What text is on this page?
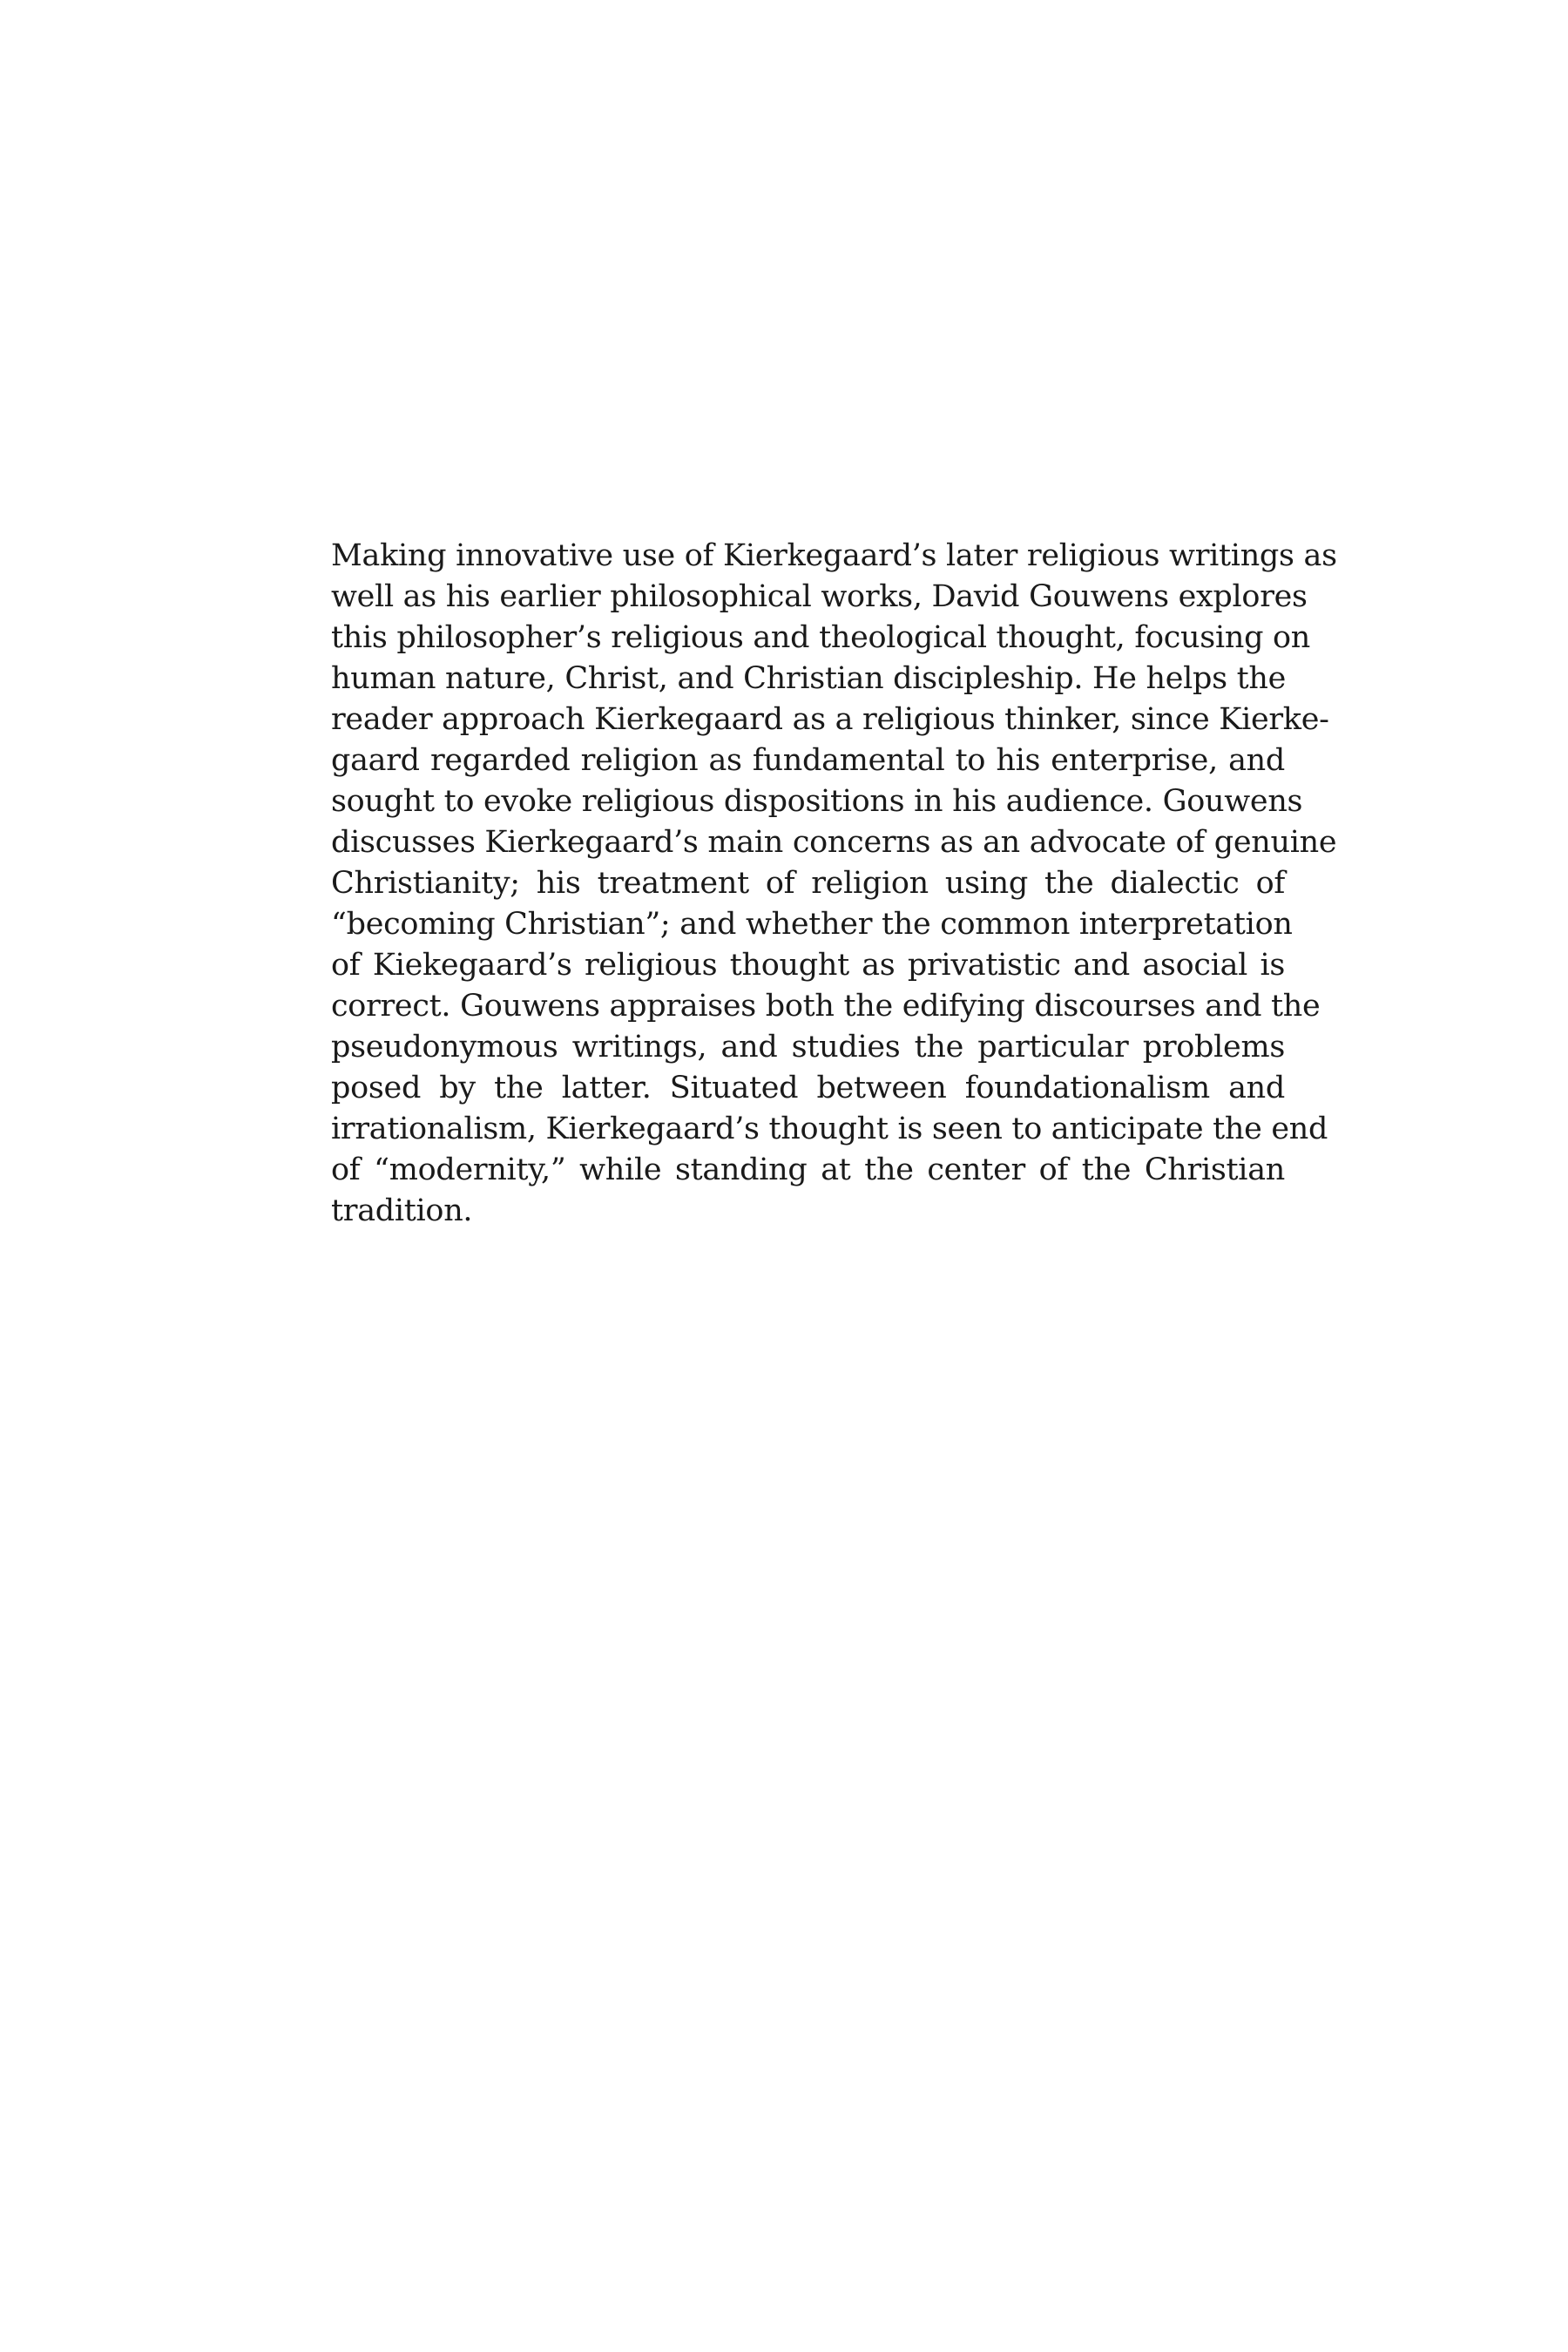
Making innovative use of Kierkegaard’s later religious writings as
well as his earlier philosophical works, David Gouwens explores
this philosopher’s religious and theological thought, focusing on
human nature, Christ, and Christian discipleship. He helps the
reader approach Kierkegaard as a religious thinker, since Kierke-
gaard regarded religion as fundamental to his enterprise, and
sought to evoke religious dispositions in his audience. Gouwens
discusses Kierkegaard’s main concerns as an advocate of genuine
Christianity; his treatment of religion using the dialectic of
“becoming Christian”; and whether the common interpretation
of Kiekegaard’s religious thought as privatistic and asocial is
correct. Gouwens appraises both the edifying discourses and the
pseudonymous writings, and studies the particular problems
posed by the latter. Situated between foundationalism and
irrationalism, Kierkegaard’s thought is seen to anticipate the end
of “modernity,” while standing at the center of the Christian
tradition.
